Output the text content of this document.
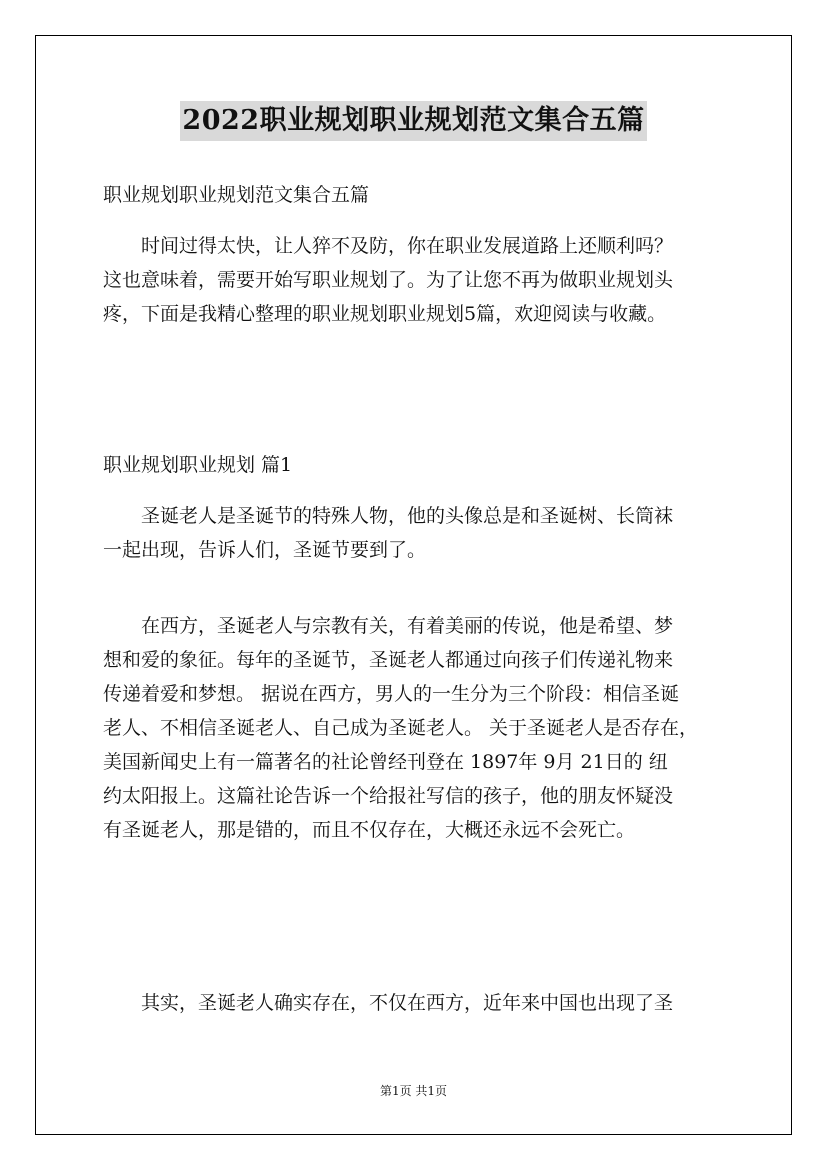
2022职业规划职业规划范文集合五篇
职业规划职业规划范文集合五篇
时间过得太快，让人猝不及防，你在职业发展道路上还顺利吗？
这也意味着，需要开始写职业规划了。为了让您不再为做职业规划头
疼，下面是我精心整理的职业规划职业规划5篇，欢迎阅读与收藏。
职业规划职业规划 篇1
圣诞老人是圣诞节的特殊人物，他的头像总是和圣诞树、长筒袜
一起出现，告诉人们，圣诞节要到了。
在西方，圣诞老人与宗教有关，有着美丽的传说，他是希望、梦
想和爱的象征。每年的圣诞节，圣诞老人都通过向孩子们传递礼物来
传递着爱和梦想。 据说在西方，男人的一生分为三个阶段：相信圣诞
老人、不相信圣诞老人、自己成为圣诞老人。 关于圣诞老人是否存在，
美国新闻史上有一篇著名的社论曾经刊登在 1897年 9月 21日的 纽
约太阳报上。这篇社论告诉一个给报社写信的孩子，他的朋友怀疑没
有圣诞老人，那是错的，而且不仅存在，大概还永远不会死亡。
其实，圣诞老人确实存在，不仅在西方，近年来中国也出现了圣
第1页 共1页
